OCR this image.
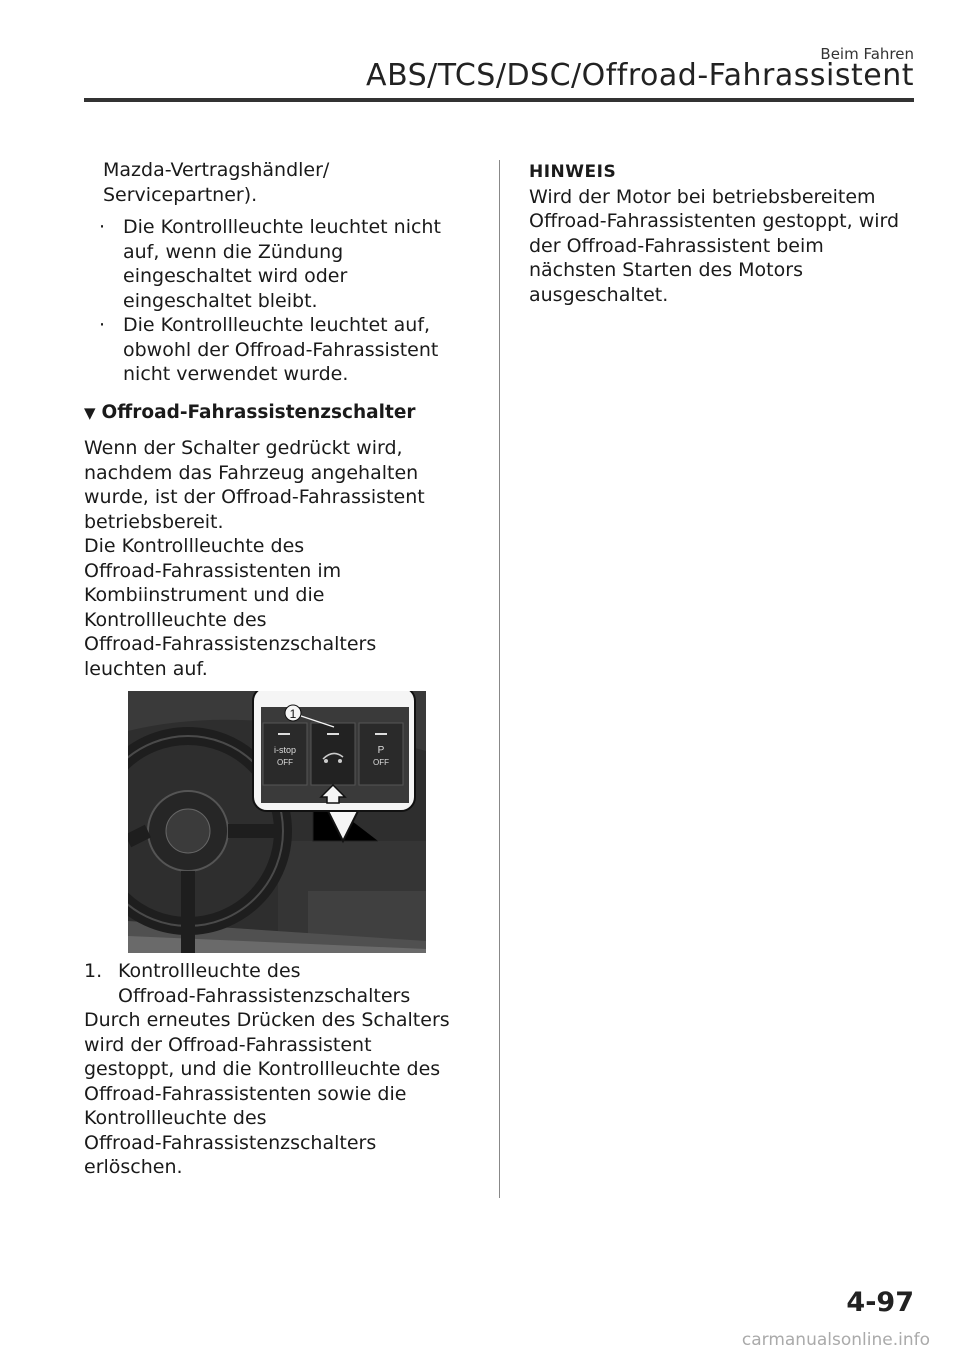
Beim Fahren
ABS/TCS/DSC/Offroad-Fahrassistent
Mazda-Vertragshändler/
Servicepartner).
· Die Kontrollleuchte leuchtet nicht
auf, wenn die Zündung
eingeschaltet wird oder
eingeschaltet bleibt.
· Die Kontrollleuchte leuchtet auf,
obwohl der Offroad-Fahrassistent
nicht verwendet wurde.
▼ Offroad-Fahrassistenzschalter
Wenn der Schalter gedrückt wird,
nachdem das Fahrzeug angehalten
wurde, ist der Offroad-Fahrassistent
betriebsbereit.
Die Kontrollleuchte des
Offroad-Fahrassistenten im
Kombiinstrument und die
Kontrollleuchte des
Offroad-Fahrassistenzschalters
leuchten auf.
1
i-stop
OFF
P
OFF
1. Kontrollleuchte des
Offroad-Fahrassistenzschalters
Durch erneutes Drücken des Schalters
wird der Offroad-Fahrassistent
gestoppt, und die Kontrollleuchte des
Offroad-Fahrassistenten sowie die
Kontrollleuchte des
Offroad-Fahrassistenzschalters
erlöschen.
HINWEIS
Wird der Motor bei betriebsbereitem
Offroad-Fahrassistenten gestoppt, wird
der Offroad-Fahrassistent beim
nächsten Starten des Motors
ausgeschaltet.
4-97
carmanualsonline.info
